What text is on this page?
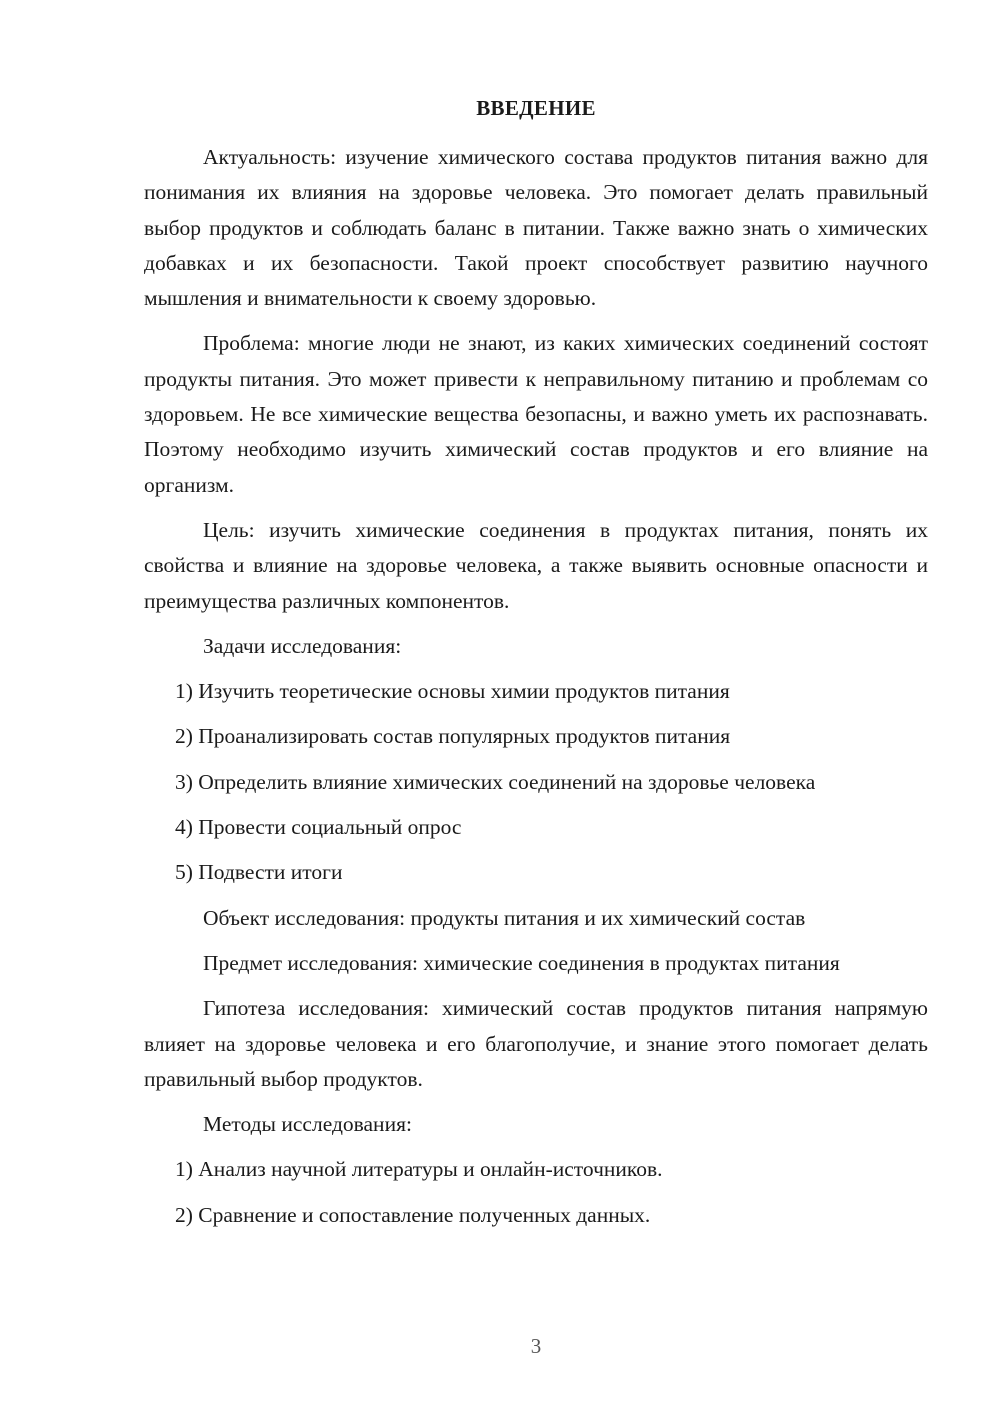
ВВЕДЕНИЕ

Актуальность: изучение химического состава продуктов питания важно для понимания их влияния на здоровье человека. Это помогает делать правильный выбор продуктов и соблюдать баланс в питании. Также важно знать о химических добавках и их безопасности. Такой проект способствует развитию научного мышления и внимательности к своему здоровью.

Проблема: многие люди не знают, из каких химических соединений состоят продукты питания. Это может привести к неправильному питанию и проблемам со здоровьем. Не все химические вещества безопасны, и важно уметь их распознавать. Поэтому необходимо изучить химический состав продуктов и его влияние на организм.

Цель: изучить химические соединения в продуктах питания, понять их свойства и влияние на здоровье человека, а также выявить основные опасности и преимущества различных компонентов.

Задачи исследования:

1) Изучить теоретические основы химии продуктов питания

2) Проанализировать состав популярных продуктов питания

3) Определить влияние химических соединений на здоровье человека

4) Провести социальный опрос

5) Подвести итоги

Объект исследования: продукты питания и их химический состав

Предмет исследования: химические соединения в продуктах питания

Гипотеза исследования: химический состав продуктов питания напрямую влияет на здоровье человека и его благополучие, и знание этого помогает делать правильный выбор продуктов.

Методы исследования:

1) Анализ научной литературы и онлайн-источников.

2) Сравнение и сопоставление полученных данных.

3
